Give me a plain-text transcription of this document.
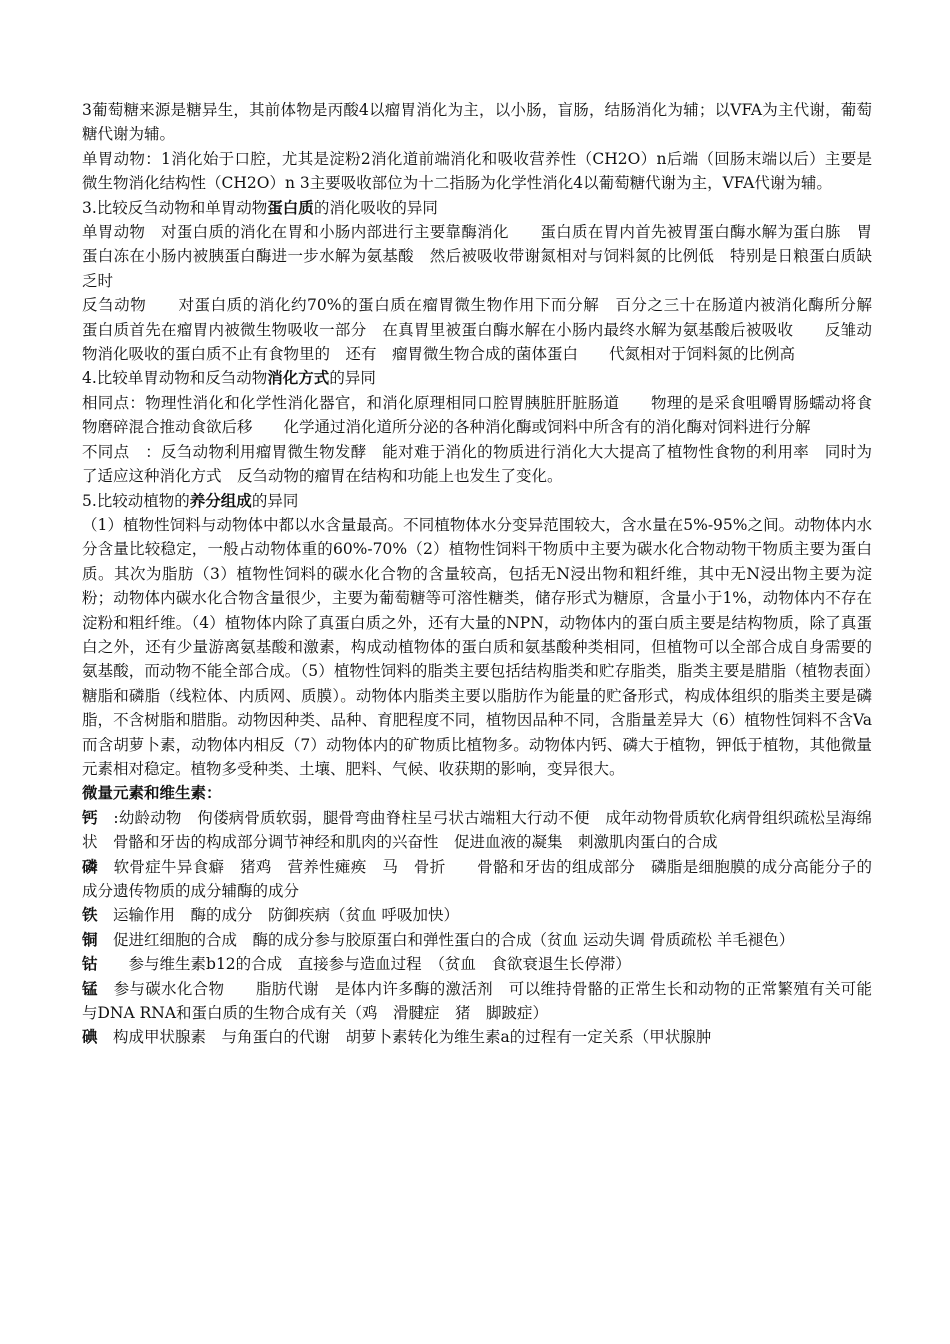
3葡萄糖来源是糖异生，其前体物是丙酸4以瘤胃消化为主，以小肠，盲肠，结肠消化为辅；以VFA为主代谢，葡萄糖代谢为辅。

单胃动物：1消化始于口腔，尤其是淀粉2消化道前端消化和吸收营养性（CH2O）n后端（回肠末端以后）主要是微生物消化结构性（CH2O）n 3主要吸收部位为十二指肠为化学性消化4以葡萄糖代谢为主，VFA代谢为辅。

3.比较反刍动物和单胃动物蛋白质的消化吸收的异同

单胃动物　对蛋白质的消化在胃和小肠内部进行主要靠酶消化　　蛋白质在胃内首先被胃蛋白酶水解为蛋白胨　胃蛋白冻在小肠内被胰蛋白酶进一步水解为氨基酸　然后被吸收带谢氮相对与饲料氮的比例低　特别是日粮蛋白质缺乏时

反刍动物　　对蛋白质的消化约70%的蛋白质在瘤胃微生物作用下而分解　百分之三十在肠道内被消化酶所分解　　　蛋白质首先在瘤胃内被微生物吸收一部分　在真胃里被蛋白酶水解在小肠内最终水解为氨基酸后被吸收　　反雏动物消化吸收的蛋白质不止有食物里的　还有　瘤胃微生物合成的菌体蛋白　　代氮相对于饲料氮的比例高

4.比较单胃动物和反刍动物消化方式的异同

相同点：物理性消化和化学性消化器官，和消化原理相同口腔胃胰脏肝脏肠道　　物理的是采食咀嚼胃肠蠕动将食物磨碎混合推动食欲后移　　化学通过消化道所分泌的各种消化酶或饲料中所含有的消化酶对饲料进行分解

不同点　：反刍动物利用瘤胃微生物发酵　能对难于消化的物质进行消化大大提高了植物性食物的利用率　同时为了适应这种消化方式　反刍动物的瘤胃在结构和功能上也发生了变化。

5.比较动植物的养分组成的异同

（1）植物性饲料与动物体中都以水含量最高。不同植物体水分变异范围较大，含水量在5%-95%之间。动物体内水分含量比较稳定，一般占动物体重的60%-70%（2）植物性饲料干物质中主要为碳水化合物动物干物质主要为蛋白质。其次为脂肪（3）植物性饲料的碳水化合物的含量较高，包括无N浸出物和粗纤维，其中无N浸出物主要为淀粉；动物体内碳水化合物含量很少，主要为葡萄糖等可溶性糖类，储存形式为糖原，含量小于1%，动物体内不存在淀粉和粗纤维。（4）植物体内除了真蛋白质之外，还有大量的NPN，动物体内的蛋白质主要是结构物质，除了真蛋白之外，还有少量游离氨基酸和激素，构成动植物体的蛋白质和氨基酸种类相同，但植物可以全部合成自身需要的氨基酸，而动物不能全部合成。（5）植物性饲料的脂类主要包括结构脂类和贮存脂类，脂类主要是腊脂（植物表面）糖脂和磷脂（线粒体、内质网、质膜）。动物体内脂类主要以脂肪作为能量的贮备形式，构成体组织的脂类主要是磷脂，不含树脂和腊脂。动物因种类、品种、育肥程度不同，植物因品种不同，含脂量差异大（6）植物性饲料不含Va而含胡萝卜素，动物体内相反（7）动物体内的矿物质比植物多。动物体内钙、磷大于植物，钾低于植物，其他微量元素相对稳定。植物多受种类、土壤、肥料、气候、收获期的影响，变异很大。

微量元素和维生素：

钙　:幼龄动物　佝偻病骨质软弱，腿骨弯曲脊柱呈弓状古端粗大行动不便　成年动物骨质软化病骨组织疏松呈海绵状　骨骼和牙齿的构成部分调节神经和肌肉的兴奋性　促进血液的凝集　刺激肌肉蛋白的合成

磷　软骨症牛异食癖　猪鸡　营养性瘫痪　马　骨折　　骨骼和牙齿的组成部分　磷脂是细胞膜的成分高能分子的成分遗传物质的成分辅酶的成分

铁　运输作用　酶的成分　防御疾病（贫血 呼吸加快）

铜　促进红细胞的合成　酶的成分参与胶原蛋白和弹性蛋白的合成（贫血 运动失调 骨质疏松 羊毛褪色）

钴　　参与维生素b12的合成　直接参与造血过程　（贫血　食欲衰退生长停滞）

锰　参与碳水化合物　　脂肪代谢　是体内许多酶的激活剂　可以维持骨骼的正常生长和动物的正常繁殖有关可能与DNA RNA和蛋白质的生物合成有关（鸡　滑腱症　猪　脚跛症）

碘　构成甲状腺素　与角蛋白的代谢　胡萝卜素转化为维生素a的过程有一定关系（甲状腺肿
